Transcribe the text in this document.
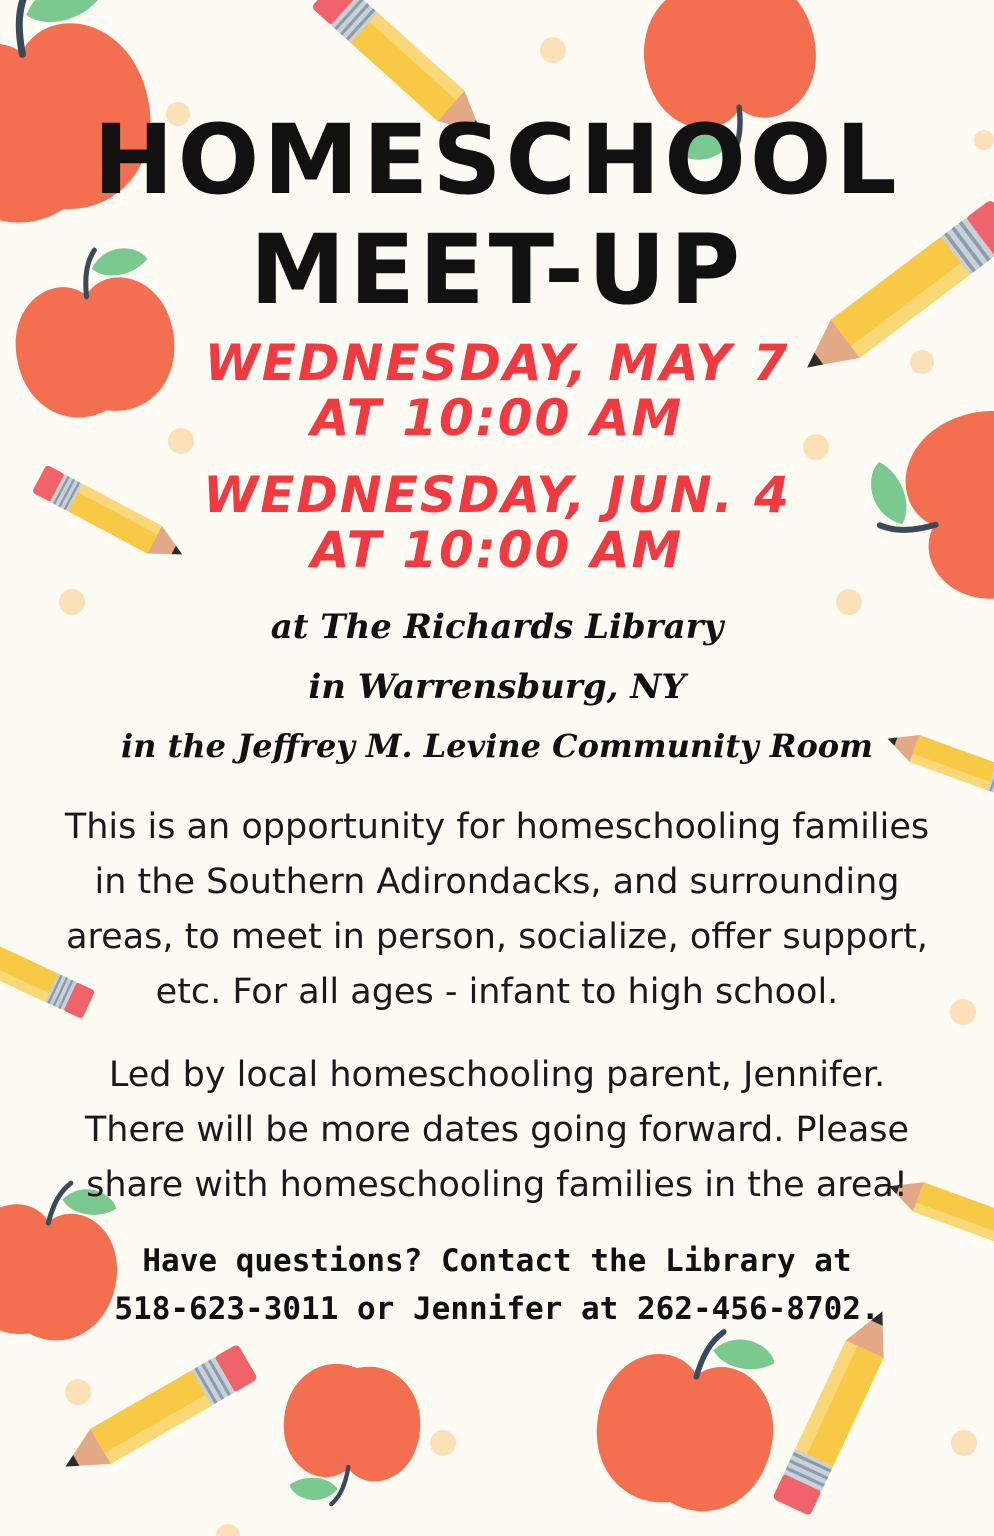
HOMESCHOOL
MEET-UP
WEDNESDAY, MAY 7
AT 10:00 AM
WEDNESDAY, JUN. 4
AT 10:00 AM
at The Richards Library
in Warrensburg, NY
in the Jeffrey M. Levine Community Room
This is an opportunity for homeschooling families
in the Southern Adirondacks, and surrounding
areas, to meet in person, socialize, offer support,
etc. For all ages - infant to high school.
Led by local homeschooling parent, Jennifer.
There will be more dates going forward. Please
share with homeschooling families in the area!
Have questions? Contact the Library at
518-623-3011 or Jennifer at 262-456-8702.
